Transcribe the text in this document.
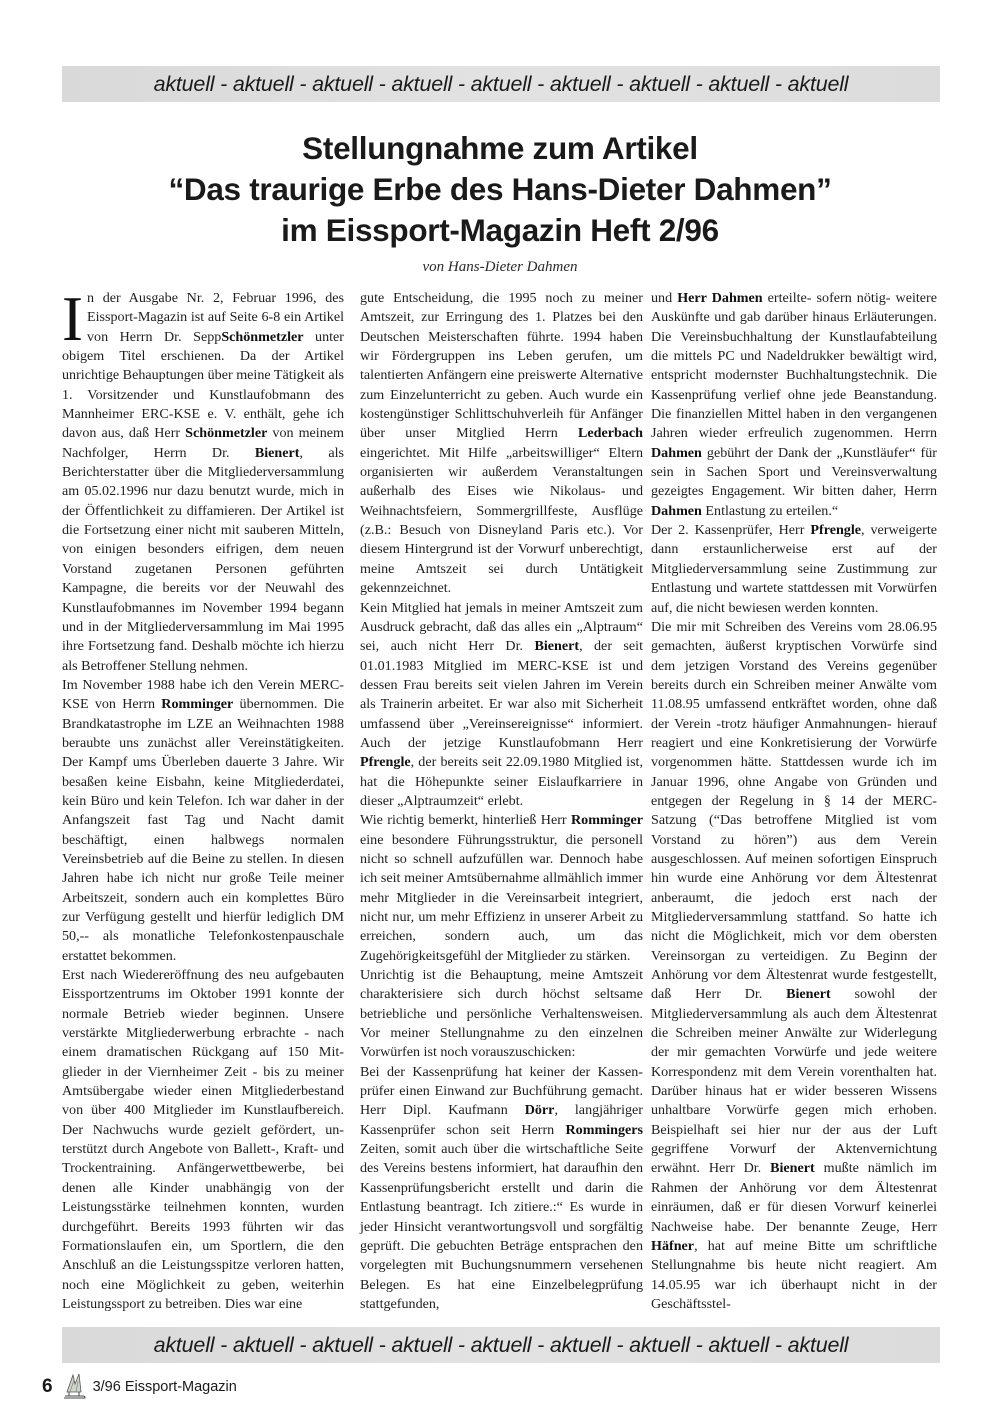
aktuell - aktuell - aktuell - aktuell - aktuell - aktuell - aktuell - aktuell - aktuell
Stellungnahme zum Artikel
“Das traurige Erbe des Hans-Dieter Dahmen”
im Eissport-Magazin Heft 2/96
von Hans-Dieter Dahmen
I n der Ausgabe Nr. 2, Februar 1996, des Eissport-Magazin ist auf Seite 6-8 ein Artikel von Herrn Dr. SeppSchönmetzler unter obigem Titel erschienen. Da der Artikel unrichtige Behauptungen über meine Tätigkeit als 1. Vorsitzender und Kunstlaufobmann des Mannheimer ERC-KSE e. V. enthält, gehe ich davon aus, daß Herr Schönmetzler von meinem Nachfolger, Herrn Dr. Bienert, als Berichterstatter über die Mitgliederversammlung am 05.02.1996 nur dazu benutzt wurde, mich in der Öffentlichkeit zu diffamieren. Der Artikel ist die Fortsetzung einer nicht mit sauberen Mitteln, von einigen besonders eifrigen, dem neuen Vorstand zugetanen Personen geführten Kampagne, die bereits vor der Neuwahl des Kunstlaufobmannes im November 1994 begann und in der Mitgliederversammlung im Mai 1995 ihre Fortsetzung fand. Deshalb möchte ich hierzu als Betroffener Stellung nehmen.

Im November 1988 habe ich den Verein MERC-KSE von Herrn Romminger übernommen. Die Brandkatastrophe im LZE an Weihnachten 1988 beraubte uns zunächst aller Vereinstätigkeiten. Der Kampf ums Überleben dauerte 3 Jahre. Wir besaßen keine Eisbahn, keine Mitgliederdatei, kein Büro und kein Telefon. Ich war daher in der Anfangszeit fast Tag und Nacht damit beschäftigt, einen halbwegs normalen Vereinsbetrieb auf die Beine zu stellen. In diesen Jahren habe ich nicht nur große Teile meiner Arbeitszeit, sondern auch ein komplettes Büro zur Verfügung gestellt und hierfür lediglich DM 50,-- als monatliche Telefonkostenpauschale erstattet bekommen.

Erst nach Wiedereröffnung des neu aufgebauten Eissportzentrums im Oktober 1991 konnte der normale Betrieb wieder beginnen. Unsere verstärkte Mitgliederwerbung erbrachte - nach einem dramatischen Rückgang auf 150 Mitglieder in der Viernheimer Zeit - bis zu meiner Amtsübergabe wieder einen Mitgliederbestand von über 400 Mitglieder im Kunstlaufbereich. Der Nachwuchs wurde gezielt gefördert, unterstützt durch Angebote von Ballett-, Kraft- und Trockentraining. Anfängerwettbewerbe, bei denen alle Kinder unabhängig von der Leistungsstärke teilnehmen konnten, wurden durchgeführt. Bereits 1993 führten wir das Formationslaufen ein, um Sportlern, die den Anschluß an die Leistungsspitze verloren hatten, noch eine Möglichkeit zu geben, weiterhin Leistungssport zu betreiben. Dies war eine

gute Entscheidung, die 1995 noch zu meiner Amtszeit, zur Erringung des 1. Platzes bei den Deutschen Meisterschaften führte. 1994 haben wir Fördergruppen ins Leben gerufen, um talentierten Anfängern eine preiswerte Alternative zum Einzelunterricht zu geben. Auch wurde ein kostengünstiger Schlittschuhverleih für Anfänger über unser Mitglied Herrn Lederbach eingerichtet. Mit Hilfe „arbeitswilliger“ Eltern organisierten wir außerdem Veranstaltungen außerhalb des Eises wie Nikolaus- und Weihnachtsfeiern, Sommergrillfeste, Ausflüge (z.B.: Besuch von Disneyland Paris etc.). Vor diesem Hintergrund ist der Vorwurf unberechtigt, meine Amtszeit sei durch Untätigkeit gekennzeichnet.

Kein Mitglied hat jemals in meiner Amtszeit zum Ausdruck gebracht, daß das alles ein „Alptraum“ sei, auch nicht Herr Dr. Bienert, der seit 01.01.1983 Mitglied im MERC-KSE ist und dessen Frau bereits seit vielen Jahren im Verein als Trainerin arbeitet. Er war also mit Sicherheit umfassend über „Vereinsereignisse“ informiert. Auch der jetzige Kunstlaufobmann Herr Pfrengle, der bereits seit 22.09.1980 Mitglied ist, hat die Höhepunkte seiner Eislaufkarriere in dieser „Alptraumzeit“ erlebt.

Wie richtig bemerkt, hinterließ Herr Romminger eine besondere Führungsstruktur, die personell nicht so schnell aufzufüllen war. Dennoch habe ich seit meiner Amtsübernahme allmählich immer mehr Mitglieder in die Vereinsarbeit integriert, nicht nur, um mehr Effizienz in unserer Arbeit zu erreichen, sondern auch, um das Zugehörigkeitsgefühl der Mitglieder zu stärken.

Unrichtig ist die Behauptung, meine Amtszeit charakterisiere sich durch höchst seltsame betriebliche und persönliche Verhaltensweisen. Vor meiner Stellungnahme zu den einzelnen Vorwürfen ist noch vorauszuschicken:

Bei der Kassenprüfung hat keiner der Kassenprüfer einen Einwand zur Buchführung gemacht. Herr Dipl. Kaufmann Dörr, langjähriger Kassenprüfer schon seit Herrn Rommingers Zeiten, somit auch über die wirtschaftliche Seite des Vereins bestens informiert, hat daraufhin den Kassenprüfungsbericht erstellt und darin die Entlastung beantragt. Ich zitiere.:“ Es wurde in jeder Hinsicht verantwortungsvoll und sorgfältig geprüft. Die gebuchten Beträge entsprachen den vorgelegten mit Buchungsnummern versehenen Belegen. Es hat eine Einzelbelegprüfung stattgefunden,

und Herr Dahmen erteilte- sofern nötig- weitere Auskünfte und gab darüber hinaus Erläuterungen. Die Vereinsbuchhaltung der Kunstlaufabteilung die mittels PC und Nadeldrukker bewältigt wird, entspricht modernster Buchhaltungstechnik. Die Kassenprüfung verlief ohne jede Beanstandung. Die finanziellen Mittel haben in den vergangenen Jahren wieder erfreulich zugenommen. Herrn Dahmen gebührt der Dank der „Kunstläufer“ für sein in Sachen Sport und Vereinsverwaltung gezeigtes Engagement. Wir bitten daher, Herrn Dahmen Entlastung zu erteilen.“

Der 2. Kassenprüfer, Herr Pfrengle, verweigerte dann erstaunlicherweise erst auf der Mitgliederversammlung seine Zustimmung zur Entlastung und wartete stattdessen mit Vorwürfen auf, die nicht bewiesen werden konnten.

Die mir mit Schreiben des Vereins vom 28.06.95 gemachten, äußerst kryptischen Vorwürfe sind dem jetzigen Vorstand des Vereins gegenüber bereits durch ein Schreiben meiner Anwälte vom 11.08.95 umfassend entkräftet worden, ohne daß der Verein -trotz häufiger Anmahnungen- hierauf reagiert und eine Konkretisierung der Vorwürfe vorgenommen hätte. Stattdessen wurde ich im Januar 1996, ohne Angabe von Gründen und entgegen der Regelung in § 14 der MERC-Satzung (“Das betroffene Mitglied ist vom Vorstand zu hören”) aus dem Verein ausgeschlossen. Auf meinen sofortigen Einspruch hin wurde eine Anhörung vor dem Ältestenrat anberaumt, die jedoch erst nach der Mitgliederversammlung stattfand. So hatte ich nicht die Möglichkeit, mich vor dem obersten Vereinsorgan zu verteidigen. Zu Beginn der Anhörung vor dem Ältestenrat wurde festgestellt, daß Herr Dr. Bienert sowohl der Mitgliederversammlung als auch dem Ältestenrat die Schreiben meiner Anwälte zur Widerlegung der mir gemachten Vorwürfe und jede weitere Korrespondenz mit dem Verein vorenthalten hat. Darüber hinaus hat er wider besseren Wissens unhaltbare Vorwürfe gegen mich erhoben. Beispielhaft sei hier nur der aus der Luft gegriffene Vorwurf der Aktenvernichtung erwähnt. Herr Dr. Bienert mußte nämlich im Rahmen der Anhörung vor dem Ältestenrat einräumen, daß er für diesen Vorwurf keinerlei Nachweise habe. Der benannte Zeuge, Herr Häfner, hat auf meine Bitte um schriftliche Stellungnahme bis heute nicht reagiert. Am 14.05.95 war ich überhaupt nicht in der Geschäftsstel-

aktuell - aktuell - aktuell - aktuell - aktuell - aktuell - aktuell - aktuell - aktuell
6	3/96 Eissport-Magazin
